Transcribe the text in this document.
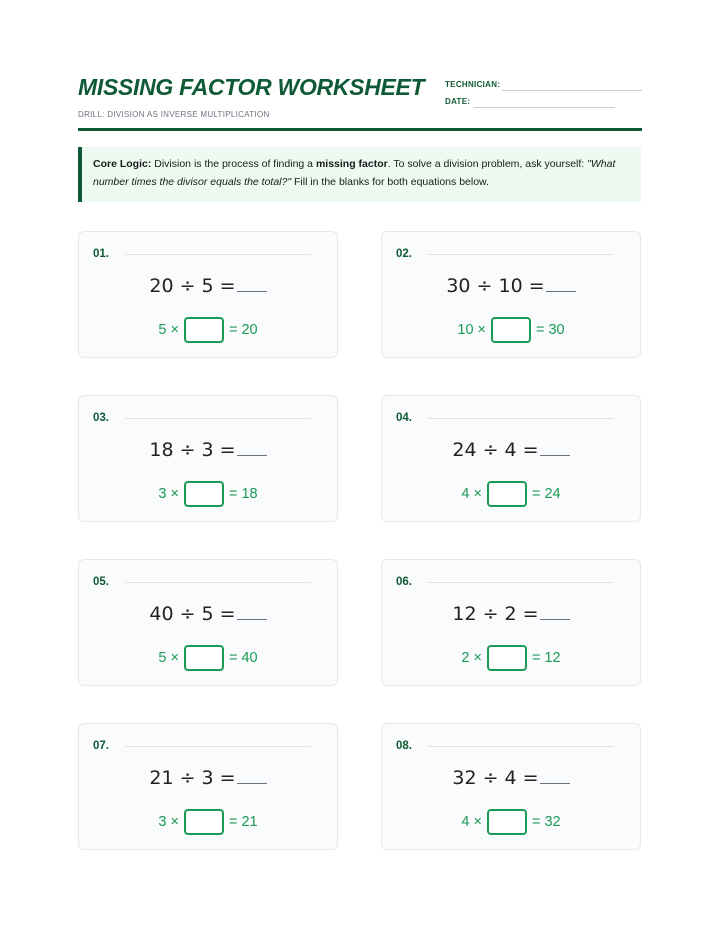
MISSING FACTOR WORKSHEET
DRILL: DIVISION AS INVERSE MULTIPLICATION
TECHNICIAN:
DATE:
Core Logic: Division is the process of finding a missing factor. To solve a division problem, ask yourself: "What number times the divisor equals the total?" Fill in the blanks for both equations below.
01.
20 ÷ 5 =
5 ×	= 20
02.
30 ÷ 10 =
10 ×	= 30
03.
18 ÷ 3 =
3 ×	= 18
04.
24 ÷ 4 =
4 ×	= 24
05.
40 ÷ 5 =
5 ×	= 40
06.
12 ÷ 2 =
2 ×	= 12
07.
21 ÷ 3 =
3 ×	= 21
08.
32 ÷ 4 =
4 ×	= 32
